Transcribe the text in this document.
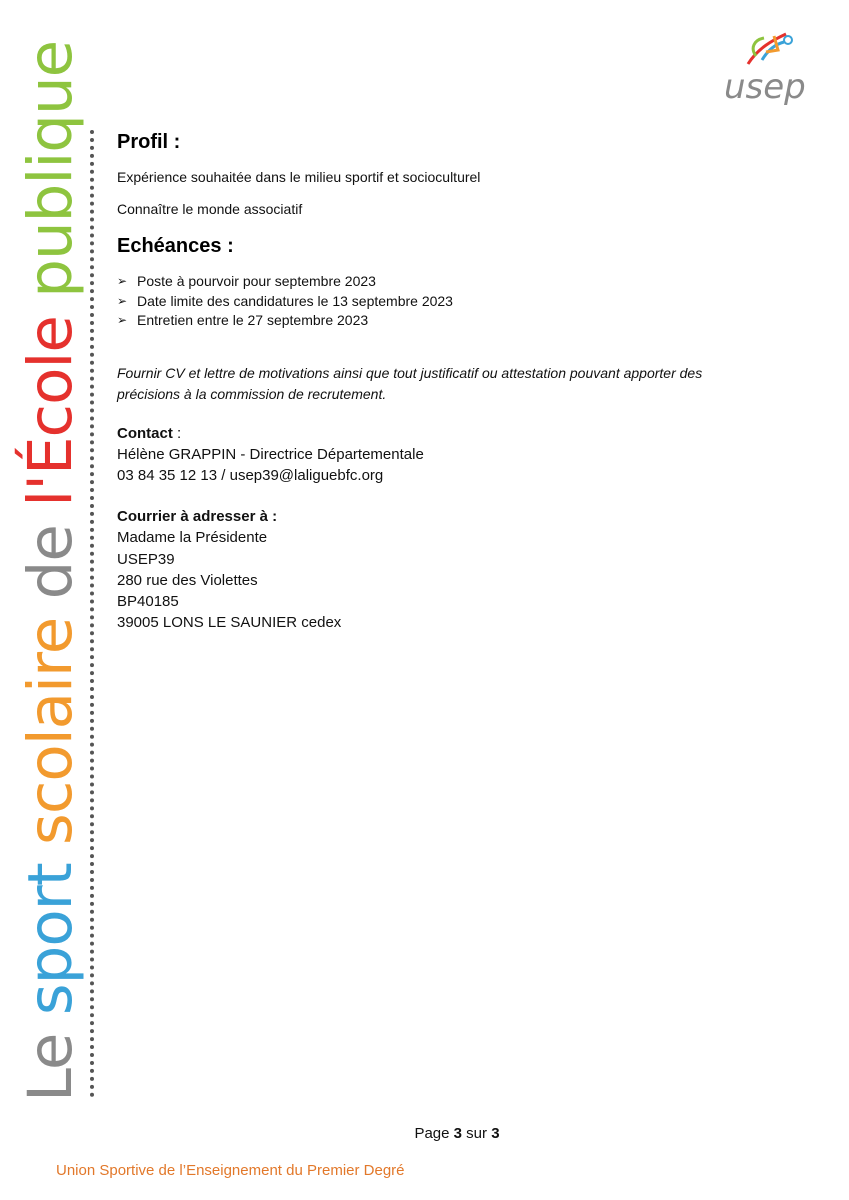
usep
Le sport scolaire de l'École publique Profil :

Expérience souhaitée dans le milieu sportif et socioculturel

Connaître le monde associatif

Echéances :
➢ Poste à pourvoir pour septembre 2023
➢ Date limite des candidatures le 13 septembre 2023
➢ Entretien entre le 27 septembre 2023

Fournir CV et lettre de motivations ainsi que tout justificatif ou attestation pouvant apporter des

précisions à la commission de recrutement.

Contact :

Hélène GRAPPIN - Directrice Départementale

03 84 35 12 13 / usep39@laliguebfc.org

Courrier à adresser à :

Madame la Présidente

USEP39

280 rue des Violettes

BP40185

39005 LONS LE SAUNIER cedex

Page 3 sur 3
Union Sportive de l’Enseignement du Premier Degré
